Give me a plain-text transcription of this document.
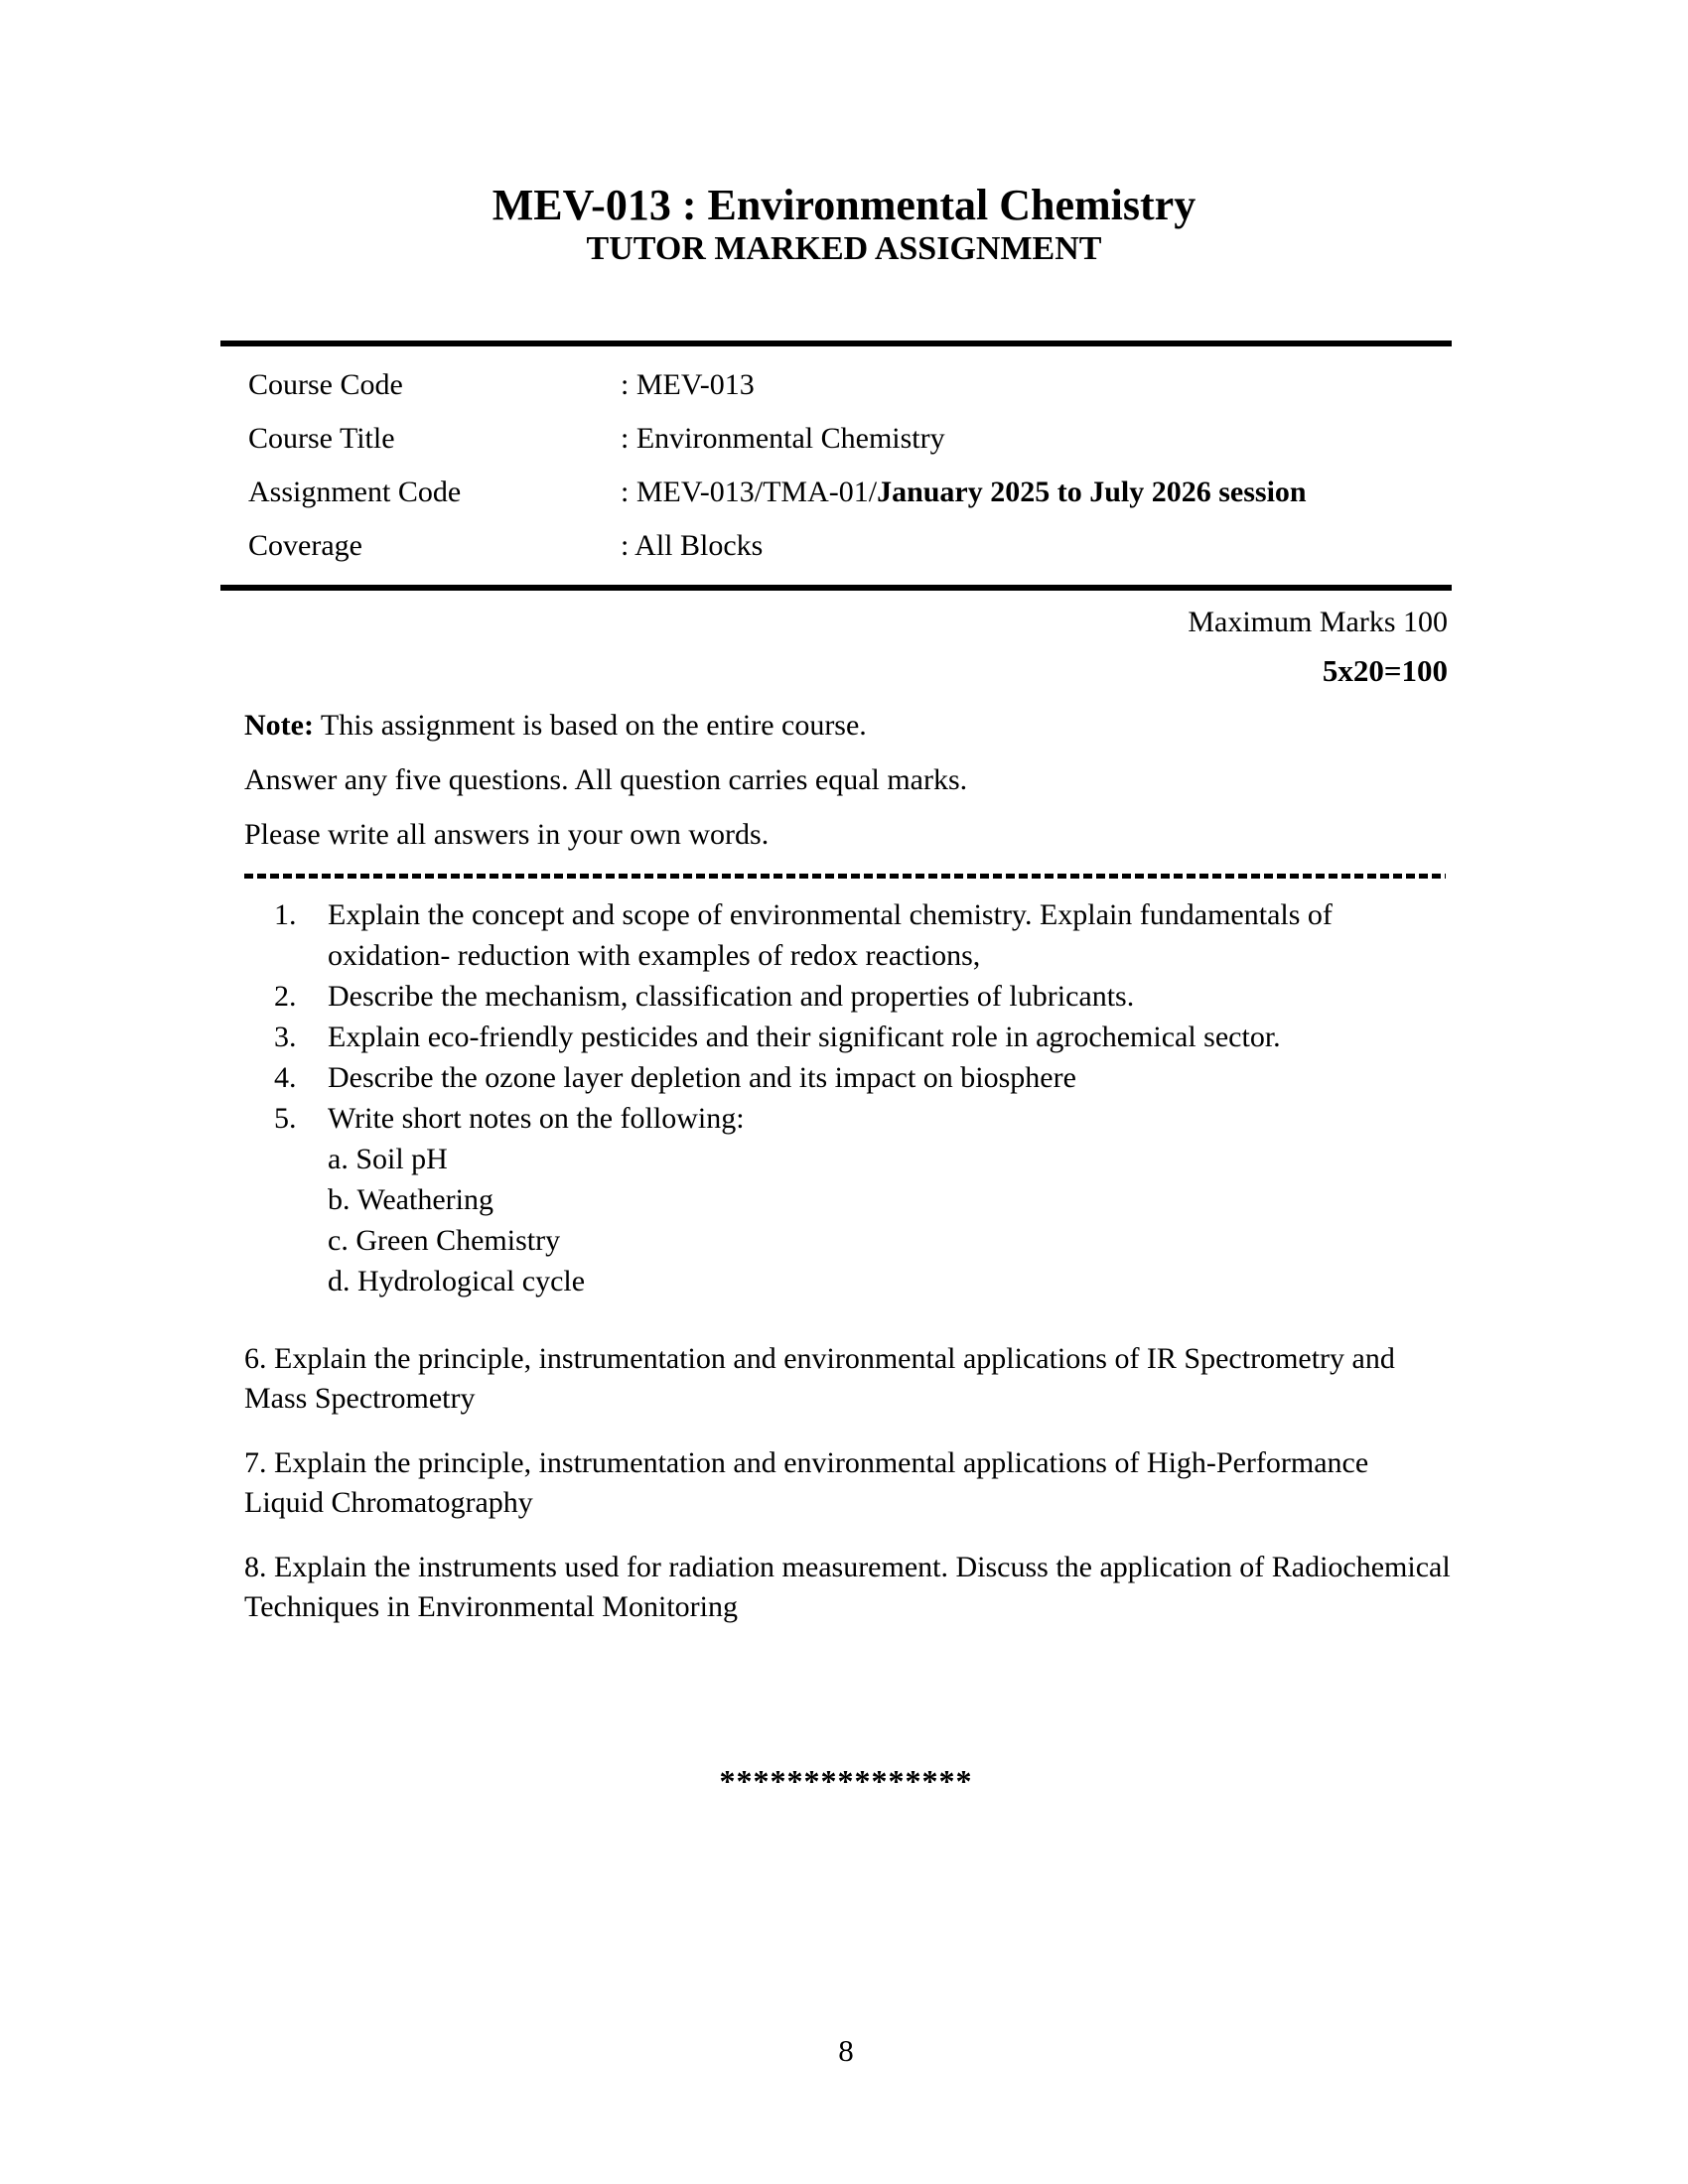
MEV-013 : Environmental Chemistry
TUTOR MARKED ASSIGNMENT
Course Code	: MEV-013
Course Title	: Environmental Chemistry
Assignment Code	: MEV-013/TMA-01/January 2025 to July 2026 session
Coverage	: All Blocks
Maximum Marks 100
5x20=100
Note: This assignment is based on the entire course.
Answer any five questions. All question carries equal marks.
Please write all answers in your own words.
1.	Explain the concept and scope of environmental chemistry. Explain fundamentals of oxidation- reduction with examples of redox reactions,
2.	Describe the mechanism, classification and properties of lubricants.
3.	Explain eco-friendly pesticides and their significant role in agrochemical sector.
4.	Describe the ozone layer depletion and its impact on biosphere
5.	Write short notes on the following:
a. Soil pH
b. Weathering
c. Green Chemistry
d. Hydrological cycle
6. Explain the principle, instrumentation and environmental applications of IR Spectrometry and Mass Spectrometry
7. Explain the principle, instrumentation and environmental applications of High-Performance Liquid Chromatography
8. Explain the instruments used for radiation measurement. Discuss the application of Radiochemical Techniques in Environmental Monitoring
***************
8
